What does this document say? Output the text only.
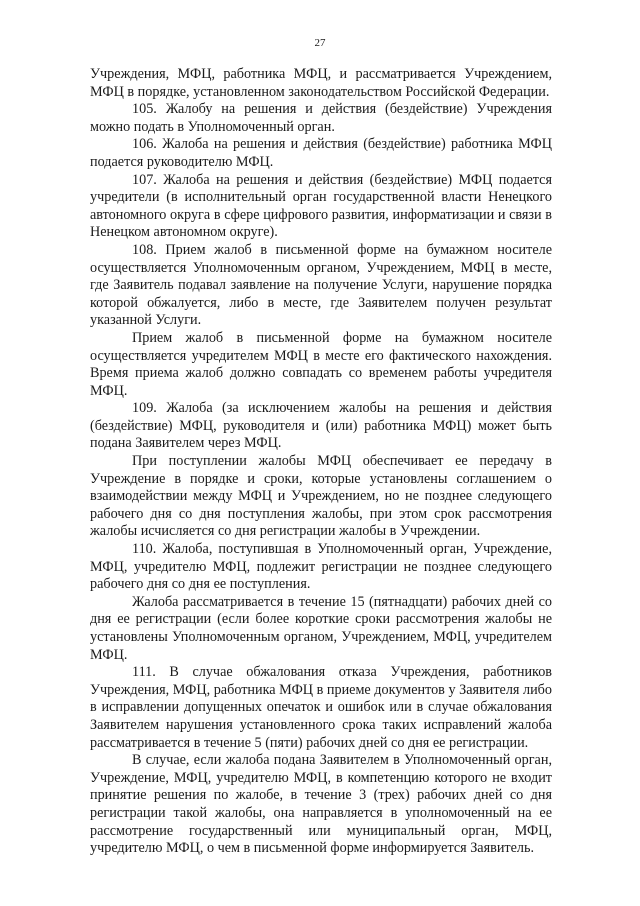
27

Учреждения, МФЦ, работника МФЦ, и рассматривается Учреждением, МФЦ в порядке, установленном законодательством Российской Федерации.

105. Жалобу на решения и действия (бездействие) Учреждения можно подать в Уполномоченный орган.

106. Жалоба на решения и действия (бездействие) работника МФЦ подается руководителю МФЦ.

107. Жалоба на решения и действия (бездействие) МФЦ подается учредители (в исполнительный орган государственной власти Ненецкого автономного округа в сфере цифрового развития, информатизации и связи в Ненецком автономном округе).

108. Прием жалоб в письменной форме на бумажном носителе осуществляется Уполномоченным органом, Учреждением, МФЦ в месте, где Заявитель подавал заявление на получение Услуги, нарушение порядка которой обжалуется, либо в месте, где Заявителем получен результат указанной Услуги.

Прием жалоб в письменной форме на бумажном носителе осуществляется учредителем МФЦ в месте его фактического нахождения. Время приема жалоб должно совпадать со временем работы учредителя МФЦ.

109. Жалоба (за исключением жалобы на решения и действия (бездействие) МФЦ, руководителя и (или) работника МФЦ) может быть подана Заявителем через МФЦ.

При поступлении жалобы МФЦ обеспечивает ее передачу в Учреждение в порядке и сроки, которые установлены соглашением о взаимодействии между МФЦ и Учреждением, но не позднее следующего рабочего дня со дня поступления жалобы, при этом срок рассмотрения жалобы исчисляется со дня регистрации жалобы в Учреждении.

110. Жалоба, поступившая в Уполномоченный орган, Учреждение, МФЦ, учредителю МФЦ, подлежит регистрации не позднее следующего рабочего дня со дня ее поступления.

Жалоба рассматривается в течение 15 (пятнадцати) рабочих дней со дня ее регистрации (если более короткие сроки рассмотрения жалобы не установлены Уполномоченным органом, Учреждением, МФЦ, учредителем МФЦ.

111. В случае обжалования отказа Учреждения, работников Учреждения, МФЦ, работника МФЦ в приеме документов у Заявителя либо в исправлении допущенных опечаток и ошибок или в случае обжалования Заявителем нарушения установленного срока таких исправлений жалоба рассматривается в течение 5 (пяти) рабочих дней со дня ее регистрации.

В случае, если жалоба подана Заявителем в Уполномоченный орган, Учреждение, МФЦ, учредителю МФЦ, в компетенцию которого не входит принятие решения по жалобе, в течение 3 (трех) рабочих дней со дня регистрации такой жалобы, она направляется в уполномоченный на ее рассмотрение государственный или муниципальный орган, МФЦ, учредителю МФЦ, о чем в письменной форме информируется Заявитель.
